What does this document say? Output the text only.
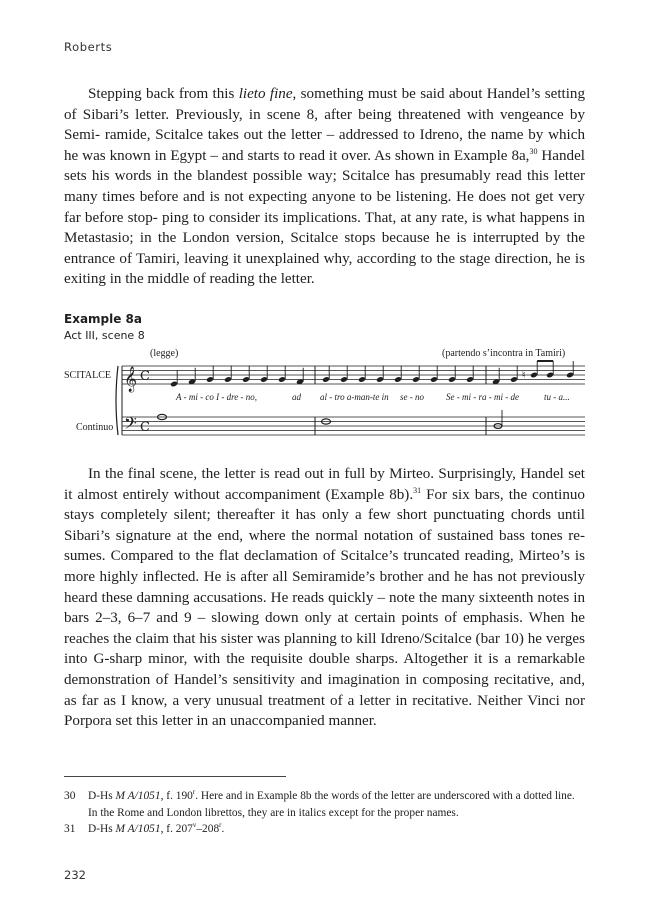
Roberts

Stepping back from this lieto fine, something must be said about Handel’s setting of Sibari’s letter. Previously, in scene 8, after being threatened with vengeance by Semi- ramide, Scitalce takes out the letter – addressed to Idreno, the name by which he was known in Egypt – and starts to read it over. As shown in Example 8a,$^{30}$ Handel sets his words in the blandest possible way; Scitalce has presumably read this letter many times before and is not expecting anyone to be listening. He does not get very far before stop- ping to consider its implications. That, at any rate, is what happens in Metastasio; in the London version, Scitalce stops because he is interrupted by the entrance of Tamiri, leaving it unexplained why, according to the stage direction, he is exiting in the middle of reading the letter.

Example 8a
Act III, scene 8
(legge)	(partendo s’incontra in Tamiri)
SCITALCE
Continuo
𝄞
𝄢
C
C
♮
A - mi - co I - dre - no,	ad al - tro a-man-te in se - no Se - mi - ra - mi - de	tu - a...

In the final scene, the letter is read out in full by Mirteo. Surprisingly, Handel set it almost entirely without accompaniment (Example 8b).$^{31}$ For six bars, the continuo stays completely silent; thereafter it has only a few short punctuating chords until Sibari’s signature at the end, where the normal notation of sustained bass tones re- sumes. Compared to the flat declamation of Scitalce’s truncated reading, Mirteo’s is more highly inflected. He is after all Semiramide’s brother and he has not previously heard these damning accusations. He reads quickly – note the many sixteenth notes in bars 2–3, 6–7 and 9 – slowing down only at certain points of emphasis. When he reaches the claim that his sister was planning to kill Idreno/Scitalce (bar 10) he verges into G-sharp minor, with the requisite double sharps. Altogether it is a remarkable demonstration of Handel’s sensitivity and imagination in composing recitative, and, as far as I know, a very unusual treatment of a letter in recitative. Neither Vinci nor Porpora set this letter in an unaccompanied manner.

30 D-Hs M A/1051, f. 190$^r$. Here and in Example 8b the words of the letter are underscored with a dotted line. In the Rome and London librettos, they are in italics except for the proper names.
31 D-Hs M A/1051, f. 207$^v$–208$^r$.
232
